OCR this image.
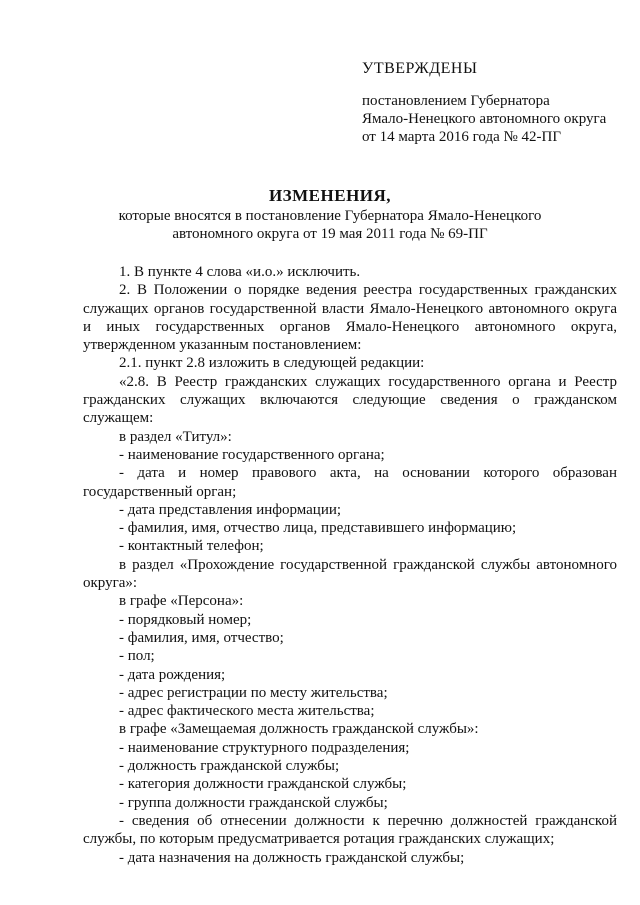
УТВЕРЖДЕНЫ
постановлением Губернатора
Ямало-Ненецкого автономного округа
от 14 марта 2016 года № 42-ПГ
ИЗМЕНЕНИЯ,
которые вносятся в постановление Губернатора Ямало-Ненецкого
автономного округа от 19 мая 2011 года № 69-ПГ

1. В пункте 4 слова «и.о.» исключить.

2. В Положении о порядке ведения реестра государственных гражданских служащих органов государственной власти Ямало-Ненецкого автономного округа и иных государственных органов Ямало-Ненецкого автономного округа, утвержденном указанным постановлением:

2.1. пункт 2.8 изложить в следующей редакции:

«2.8. В Реестр гражданских служащих государственного органа и Реестр гражданских служащих включаются следующие сведения о гражданском служащем:

в раздел «Титул»:

- наименование государственного органа;

- дата и номер правового акта, на основании которого образован государственный орган;

- дата представления информации;

- фамилия, имя, отчество лица, представившего информацию;

- контактный телефон;

в раздел «Прохождение государственной гражданской службы автономного округа»:

в графе «Персона»:

- порядковый номер;

- фамилия, имя, отчество;

- пол;

- дата рождения;

- адрес регистрации по месту жительства;

- адрес фактического места жительства;

в графе «Замещаемая должность гражданской службы»:

- наименование структурного подразделения;

- должность гражданской службы;

- категория должности гражданской службы;

- группа должности гражданской службы;

- сведения об отнесении должности к перечню должностей гражданской службы, по которым предусматривается ротация гражданских служащих;

- дата назначения на должность гражданской службы;
